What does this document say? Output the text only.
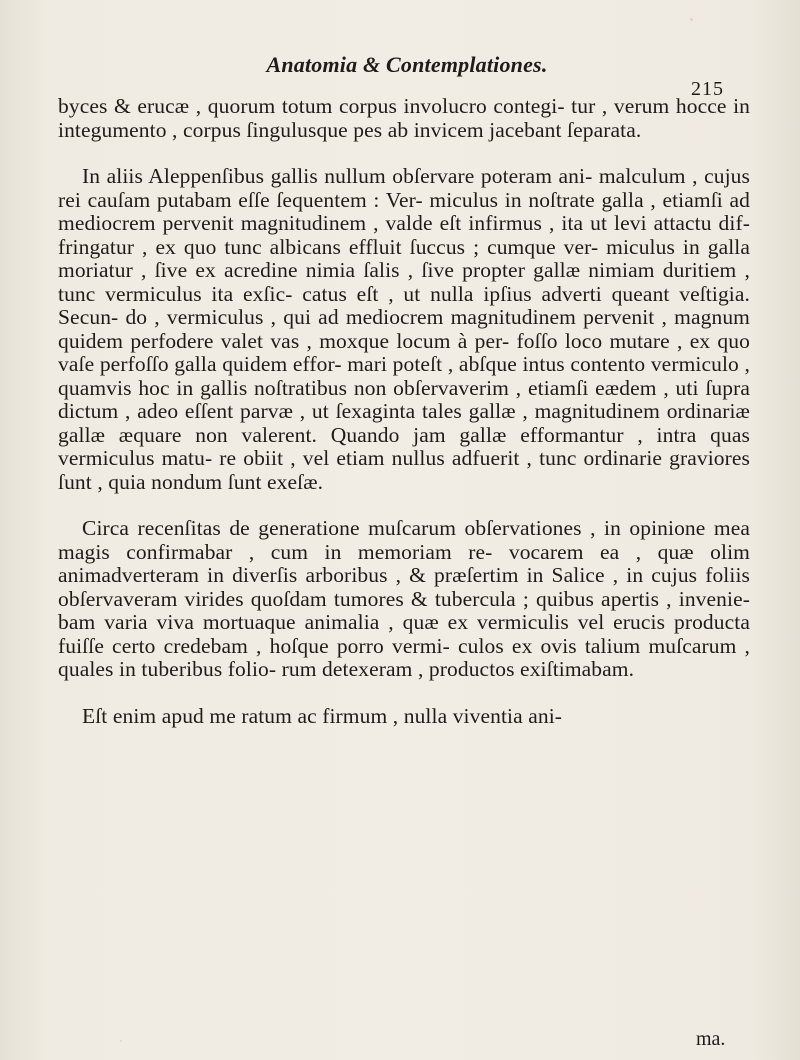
Anatomia & Contemplationes.
215

byces & erucæ , quorum totum corpus involucro contegi- tur , verum hocce in integumento , corpus ſingulusque pes ab invicem jacebant ſeparata.

In aliis Aleppenſibus gallis nullum obſervare poteram ani- malculum , cujus rei cauſam putabam eſſe ſequentem : Ver- miculus in noſtrate galla , etiamſi ad mediocrem pervenit magnitudinem , valde eſt infirmus , ita ut levi attactu dif- fringatur , ex quo tunc albicans effluit ſuccus ; cumque ver- miculus in galla moriatur , ſive ex acredine nimia ſalis , ſive propter gallæ nimiam duritiem , tunc vermiculus ita exſic- catus eſt , ut nulla ipſius adverti queant veſtigia. Secun- do , vermiculus , qui ad mediocrem magnitudinem pervenit , magnum quidem perfodere valet vas , moxque locum à per- foſſo loco mutare , ex quo vaſe perfoſſo galla quidem effor- mari poteſt , abſque intus contento vermiculo , quamvis hoc in gallis noſtratibus non obſervaverim , etiamſi eædem , uti ſupra dictum , adeo eſſent parvæ , ut ſexaginta tales gallæ , magnitudinem ordinariæ gallæ æquare non valerent. Quando jam gallæ efformantur , intra quas vermiculus matu- re obiit , vel etiam nullus adfuerit , tunc ordinarie graviores ſunt , quia nondum ſunt exeſæ.

Circa recenſitas de generatione muſcarum obſervationes , in opinione mea magis confirmabar , cum in memoriam re- vocarem ea , quæ olim animadverteram in diverſis arboribus , & præſertim in Salice , in cujus foliis obſervaveram virides quoſdam tumores & tubercula ; quibus apertis , invenie- bam varia viva mortuaque animalia , quæ ex vermiculis vel erucis producta fuiſſe certo credebam , hoſque porro vermi- culos ex ovis talium muſcarum , quales in tuberibus folio- rum detexeram , productos exiſtimabam.

Eſt enim apud me ratum ac firmum , nulla viventia ani-

ma.
